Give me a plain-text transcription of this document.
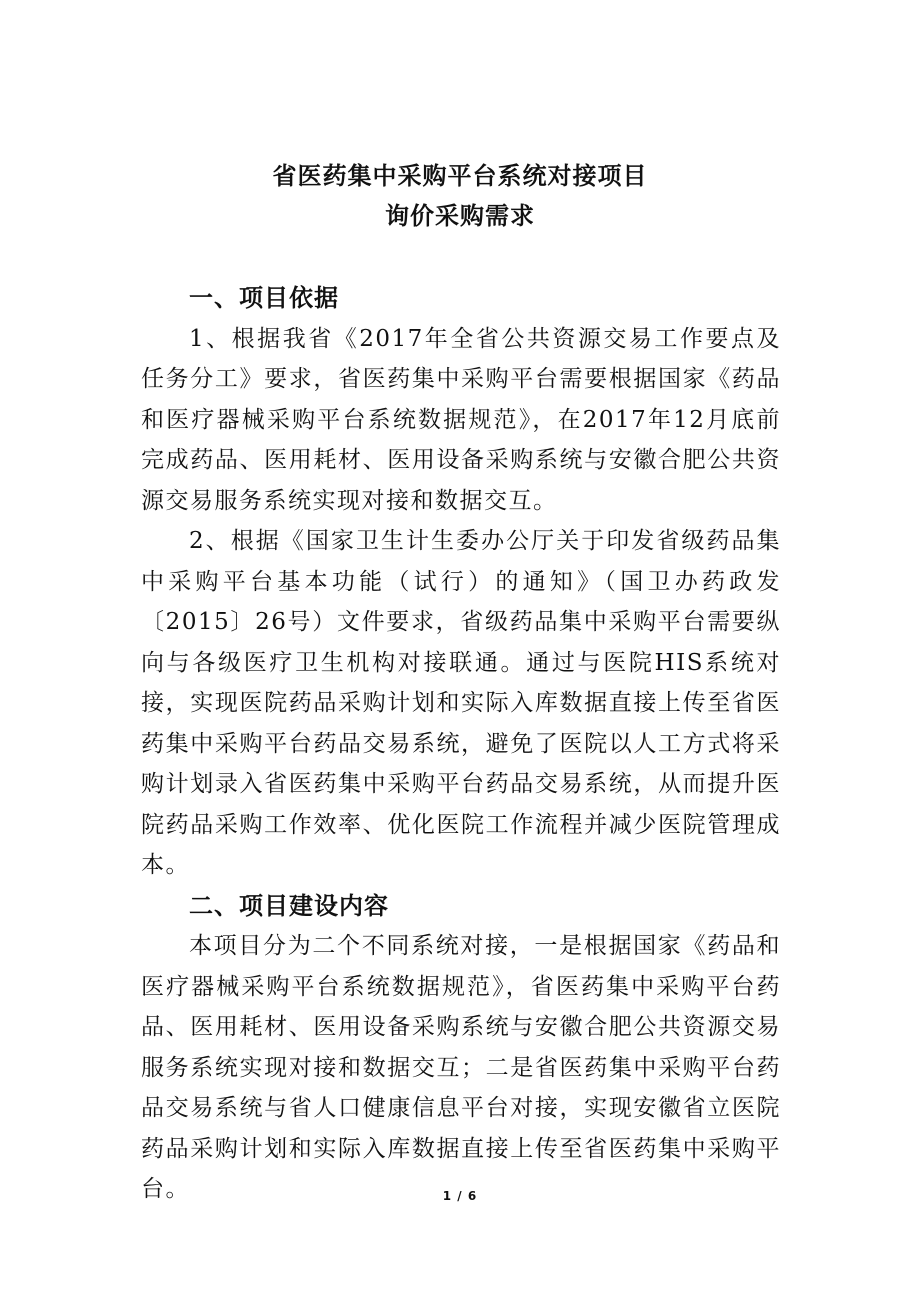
省医药集中采购平台系统对接项目
询价采购需求

一、项目依据

1、根据我省《2017年全省公共资源交易工作要点及任务分工》要求，省医药集中采购平台需要根据国家《药品和医疗器械采购平台系统数据规范》，在2017年12月底前完成药品、医用耗材、医用设备采购系统与安徽合肥公共资源交易服务系统实现对接和数据交互。

2、根据《国家卫生计生委办公厅关于印发省级药品集中采购平台基本功能（试行）的通知》（国卫办药政发〔2015〕26号）文件要求，省级药品集中采购平台需要纵向与各级医疗卫生机构对接联通。通过与医院HIS系统对接，实现医院药品采购计划和实际入库数据直接上传至省医药集中采购平台药品交易系统，避免了医院以人工方式将采购计划录入省医药集中采购平台药品交易系统，从而提升医院药品采购工作效率、优化医院工作流程并减少医院管理成本。

二、项目建设内容

本项目分为二个不同系统对接，一是根据国家《药品和医疗器械采购平台系统数据规范》，省医药集中采购平台药品、医用耗材、医用设备采购系统与安徽合肥公共资源交易服务系统实现对接和数据交互；二是省医药集中采购平台药品交易系统与省人口健康信息平台对接，实现安徽省立医院药品采购计划和实际入库数据直接上传至省医药集中采购平台。	1 / 6
